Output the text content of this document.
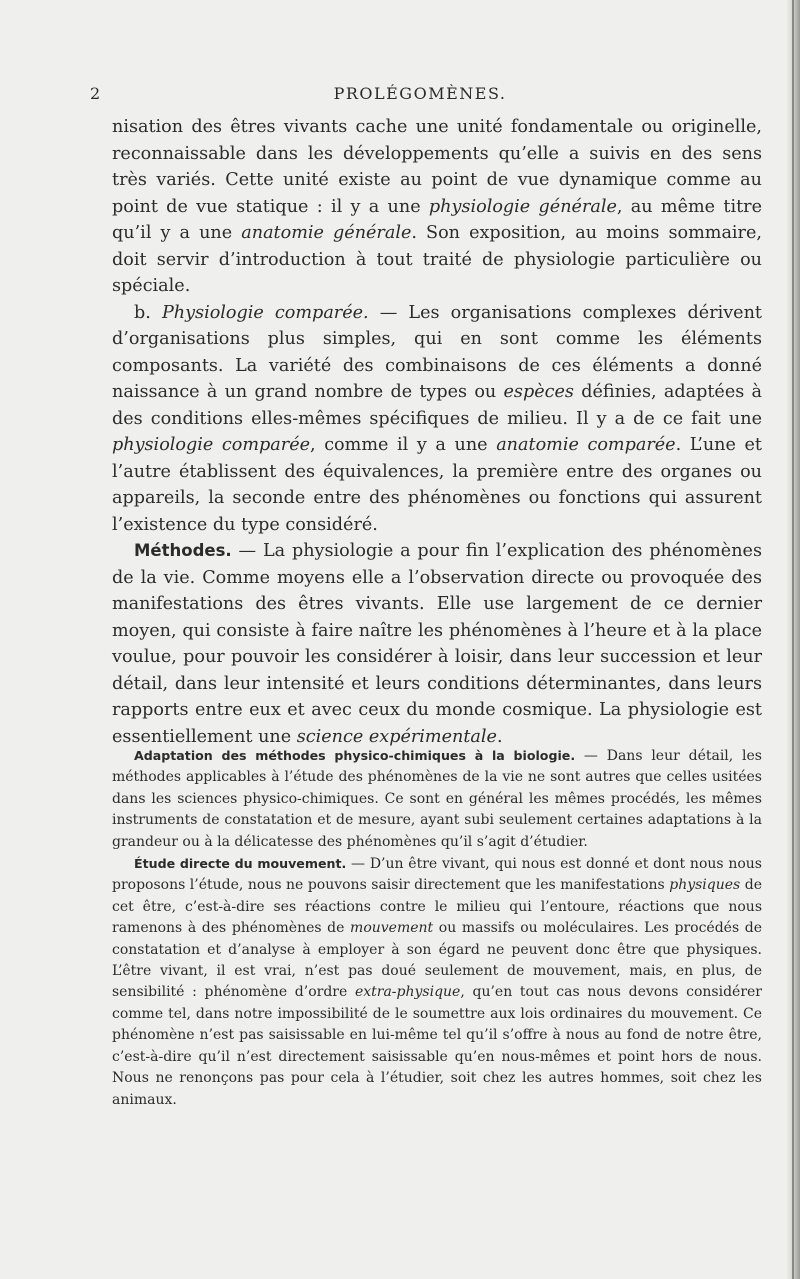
2	PROLÉGOMÈNES.

nisation des êtres vivants cache une unité fondamentale ou originelle, reconnaissable dans les développements qu’elle a suivis en des sens très variés. Cette unité existe au point de vue dynamique comme au point de vue statique : il y a une physiologie générale, au même titre qu’il y a une anatomie générale. Son exposition, au moins sommaire, doit servir d’introduction à tout traité de physiologie particulière ou spéciale.

b. Physiologie comparée. — Les organisations complexes dérivent d’organisations plus simples, qui en sont comme les éléments composants. La variété des combinaisons de ces éléments a donné naissance à un grand nombre de types ou espèces définies, adaptées à des conditions elles-mêmes spécifiques de milieu. Il y a de ce fait une physiologie comparée, comme il y a une anatomie comparée. L’une et l’autre établissent des équivalences, la première entre des organes ou appareils, la seconde entre des phénomènes ou fonctions qui assurent l’existence du type considéré.

Méthodes. — La physiologie a pour fin l’explication des phénomènes de la vie. Comme moyens elle a l’observation directe ou provoquée des manifestations des êtres vivants. Elle use largement de ce dernier moyen, qui consiste à faire naître les phénomènes à l’heure et à la place voulue, pour pouvoir les considérer à loisir, dans leur succession et leur détail, dans leur intensité et leurs conditions déterminantes, dans leurs rapports entre eux et avec ceux du monde cosmique. La physiologie est essentiellement une science expérimentale.

Adaptation des méthodes physico-chimiques à la biologie. — Dans leur détail, les méthodes applicables à l’étude des phénomènes de la vie ne sont autres que celles usitées dans les sciences physico-chimiques. Ce sont en général les mêmes procédés, les mêmes instruments de constatation et de mesure, ayant subi seulement certaines adaptations à la grandeur ou à la délicatesse des phénomènes qu’il s’agit d’étudier.

Étude directe du mouvement. — D’un être vivant, qui nous est donné et dont nous nous proposons l’étude, nous ne pouvons saisir directement que les manifestations physiques de cet être, c’est-à-dire ses réactions contre le milieu qui l’entoure, réactions que nous ramenons à des phénomènes de mouvement ou massifs ou moléculaires. Les procédés de constatation et d’analyse à employer à son égard ne peuvent donc être que physiques. L’être vivant, il est vrai, n’est pas doué seulement de mouvement, mais, en plus, de sensibilité : phénomène d’ordre extra-physique, qu’en tout cas nous devons considérer comme tel, dans notre impossibilité de le soumettre aux lois ordinaires du mouvement. Ce phénomène n’est pas saisissable en lui-même tel qu’il s’offre à nous au fond de notre être, c’est-à-dire qu’il n’est directement saisissable qu’en nous-mêmes et point hors de nous. Nous ne renonçons pas pour cela à l’étudier, soit chez les autres hommes, soit chez les animaux.
